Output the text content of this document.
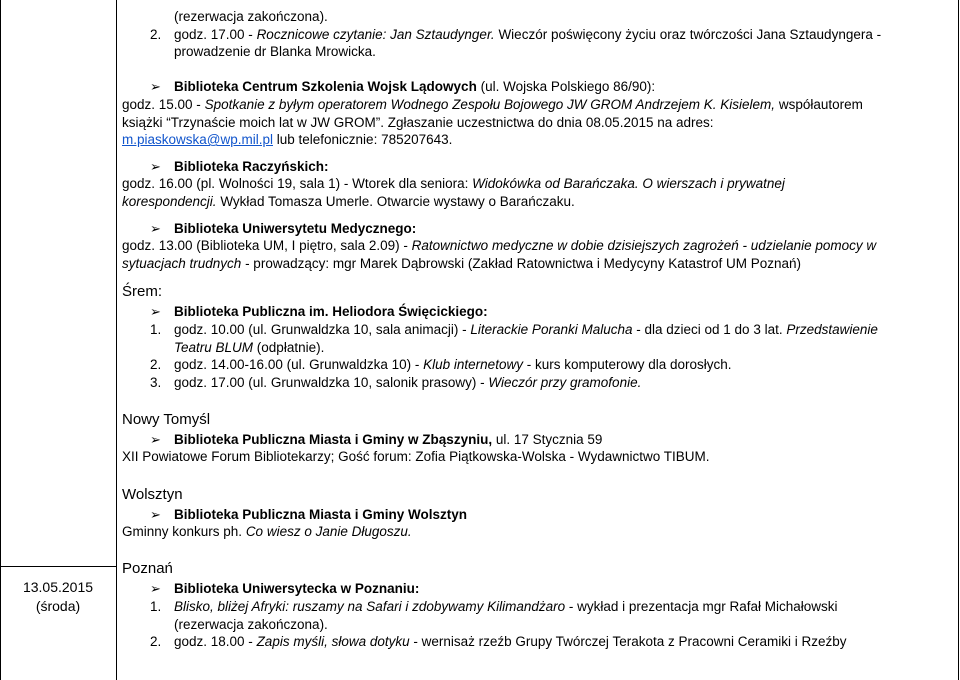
13.05.2015
(środa)
(rezerwacja zakończona).
2. godz. 17.00 - Rocznicowe czytanie: Jan Sztaudynger. Wieczór poświęcony życiu oraz twórczości Jana Sztaudyngera -
prowadzenie dr Blanka Mrowicka.
➢ Biblioteka Centrum Szkolenia Wojsk Lądowych (ul. Wojska Polskiego 86/90):
godz. 15.00 - Spotkanie z byłym operatorem Wodnego Zespołu Bojowego JW GROM Andrzejem K. Kisielem, współautorem
książki “Trzynaście moich lat w JW GROM”. Zgłaszanie uczestnictwa do dnia 08.05.2015 na adres:
m.piaskowska@wp.mil.pl lub telefonicznie: 785207643.
➢ Biblioteka Raczyńskich:
godz. 16.00 (pl. Wolności 19, sala 1) - Wtorek dla seniora: Widokówka od Barańczaka. O wierszach i prywatnej
korespondencji. Wykład Tomasza Umerle. Otwarcie wystawy o Barańczaku.
➢ Biblioteka Uniwersytetu Medycznego:
godz. 13.00 (Biblioteka UM, I piętro, sala 2.09) - Ratownictwo medyczne w dobie dzisiejszych zagrożeń - udzielanie pomocy w
sytuacjach trudnych - prowadzący: mgr Marek Dąbrowski (Zakład Ratownictwa i Medycyny Katastrof UM Poznań)
Śrem:
➢ Biblioteka Publiczna im. Heliodora Święcickiego:
1. godz. 10.00 (ul. Grunwaldzka 10, sala animacji) - Literackie Poranki Malucha - dla dzieci od 1 do 3 lat. Przedstawienie
Teatru BLUM (odpłatnie).
2. godz. 14.00-16.00 (ul. Grunwaldzka 10) - Klub internetowy - kurs komputerowy dla dorosłych.
3. godz. 17.00 (ul. Grunwaldzka 10, salonik prasowy) - Wieczór przy gramofonie.
Nowy Tomyśl
➢ Biblioteka Publiczna Miasta i Gminy w Zbąszyniu, ul. 17 Stycznia 59
XII Powiatowe Forum Bibliotekarzy; Gość forum: Zofia Piątkowska-Wolska - Wydawnictwo TIBUM.
Wolsztyn
➢ Biblioteka Publiczna Miasta i Gminy Wolsztyn
Gminny konkurs ph. Co wiesz o Janie Długoszu.
Poznań
➢ Biblioteka Uniwersytecka w Poznaniu:
1. Blisko, bliżej Afryki: ruszamy na Safari i zdobywamy Kilimandżaro - wykład i prezentacja mgr Rafał Michałowski
(rezerwacja zakończona).
2. godz. 18.00 - Zapis myśli, słowa dotyku - wernisaż rzeźb Grupy Twórczej Terakota z Pracowni Ceramiki i Rzeźby
